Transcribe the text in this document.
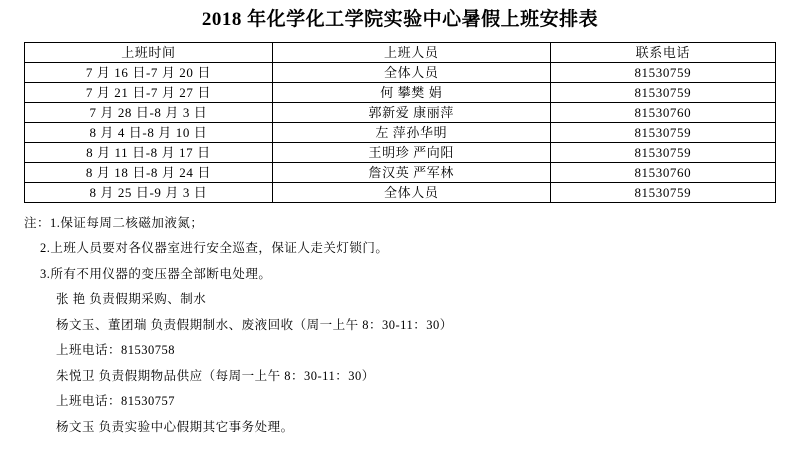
2018 年化学化工学院实验中心暑假上班安排表
上班时间	上班人员	联系电话
7 月 16 日-7 月 20 日	全体人员	81530759
7 月 21 日-7 月 27 日	何 攀樊 娟	81530759
7 月 28 日-8 月 3 日	郭新爱 康丽萍	81530760
8 月 4 日-8 月 10 日	左 萍孙华明	81530759
8 月 11 日-8 月 17 日	王明珍 严向阳	81530759
8 月 18 日-8 月 24 日	詹汉英 严军林	81530760
8 月 25 日-9 月 3 日	全体人员	81530759
注：1.保证每周二核磁加液氮；
2.上班人员要对各仪器室进行安全巡查，保证人走关灯锁门。
3.所有不用仪器的变压器全部断电处理。
张 艳 负责假期采购、制水
杨文玉、董团瑞 负责假期制水、废液回收（周一上午 8：30-11：30）
上班电话：81530758
朱悦卫 负责假期物品供应（每周一上午 8：30-11：30）
上班电话：81530757
杨文玉 负责实验中心假期其它事务处理。
